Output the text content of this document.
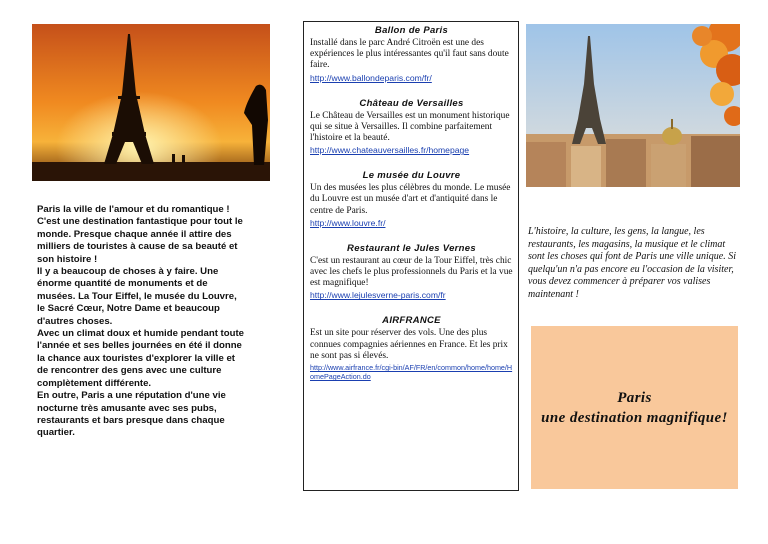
Paris la ville de l'amour et du romantique ! C'est une destination fantastique pour tout le monde. Presque chaque année il attire des milliers de touristes à cause de sa beauté et son histoire !

Il y a beaucoup de choses à y faire. Une énorme quantité de monuments et de musées. La Tour Eiffel, le musée du Louvre, le Sacré Cœur, Notre Dame et beaucoup d'autres choses.

Avec un climat doux et humide pendant toute l'année et ses belles journées en été il donne la chance aux touristes d'explorer la ville et de rencontrer des gens avec une culture complètement différente.

En outre, Paris a une réputation d'une vie nocturne très amusante avec ses pubs, restaurants et bars presque dans chaque quartier.

Ballon de Paris

Installé dans le parc André Citroën est une des expériences le plus intéressantes qu'il faut sans doute faire.

http://www.ballondeparis.com/fr/

Château de Versailles

Le Château de Versailles est un monument historique qui se situe à Versailles. Il combine parfaitement l'histoire et la beauté.

http://www.chateauversailles.fr/homepage

Le musée du Louvre

Un des musées les plus célèbres du monde. Le musée du Louvre est un musée d'art et d'antiquité dans le centre de Paris.

http://www.louvre.fr/

Restaurant le Jules Vernes

C'est un restaurant au cœur de la Tour Eiffel, très chic avec les chefs le plus professionnels du Paris et la vue est magnifique!

http://www.lejulesverne-paris.com/fr

AIRFRANCE

Est un site pour réserver des vols. Une des plus connues compagnies aériennes en France. Et les prix ne sont pas si élevés.

http://www.airfrance.fr/cgi-bin/AF/FR/en/common/home/home/HomePageAction.do

L'histoire, la culture, les gens, la langue, les restaurants, les magasins, la musique et le climat sont les choses qui font de Paris une ville unique. Si quelqu'un n'a pas encore eu l'occasion de la visiter, vous devez commencer à préparer vos valises maintenant !

Paris
une destination magnifique!
